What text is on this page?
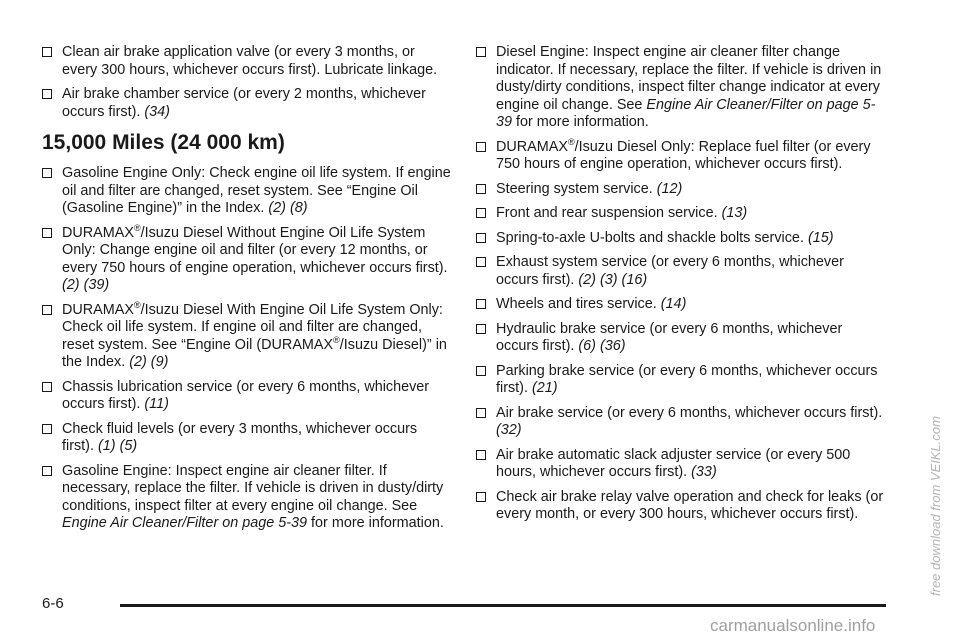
Clean air brake application valve (or every 3 months, or every 300 hours, whichever occurs first). Lubricate linkage.
Air brake chamber service (or every 2 months, whichever occurs first). (34)
15,000 Miles (24 000 km)
Gasoline Engine Only: Check engine oil life system. If engine oil and filter are changed, reset system. See “Engine Oil (Gasoline Engine)” in the Index. (2) (8)
DURAMAX®/Isuzu Diesel Without Engine Oil Life System Only: Change engine oil and filter (or every 12 months, or every 750 hours of engine operation, whichever occurs first). (2) (39)
DURAMAX®/Isuzu Diesel With Engine Oil Life System Only: Check oil life system. If engine oil and filter are changed, reset system. See “Engine Oil (DURAMAX®/Isuzu Diesel)” in the Index. (2) (9)
Chassis lubrication service (or every 6 months, whichever occurs first). (11)
Check fluid levels (or every 3 months, whichever occurs first). (1) (5)
Gasoline Engine: Inspect engine air cleaner filter. If necessary, replace the filter. If vehicle is driven in dusty/dirty conditions, inspect filter at every engine oil change. See Engine Air Cleaner/Filter on page 5-39 for more information.
Diesel Engine: Inspect engine air cleaner filter change indicator. If necessary, replace the filter. If vehicle is driven in dusty/dirty conditions, inspect filter change indicator at every engine oil change. See Engine Air Cleaner/Filter on page 5-39 for more information.
DURAMAX®/Isuzu Diesel Only: Replace fuel filter (or every 750 hours of engine operation, whichever occurs first).
Steering system service. (12)
Front and rear suspension service. (13)
Spring-to-axle U-bolts and shackle bolts service. (15)
Exhaust system service (or every 6 months, whichever occurs first). (2) (3) (16)
Wheels and tires service. (14)
Hydraulic brake service (or every 6 months, whichever occurs first). (6) (36)
Parking brake service (or every 6 months, whichever occurs first). (21)
Air brake service (or every 6 months, whichever occurs first). (32)
Air brake automatic slack adjuster service (or every 500 hours, whichever occurs first). (33)
Check air brake relay valve operation and check for leaks (or every month, or every 300 hours, whichever occurs first).
6-6
free download from VEIKL.com
carmanualsonline.info
